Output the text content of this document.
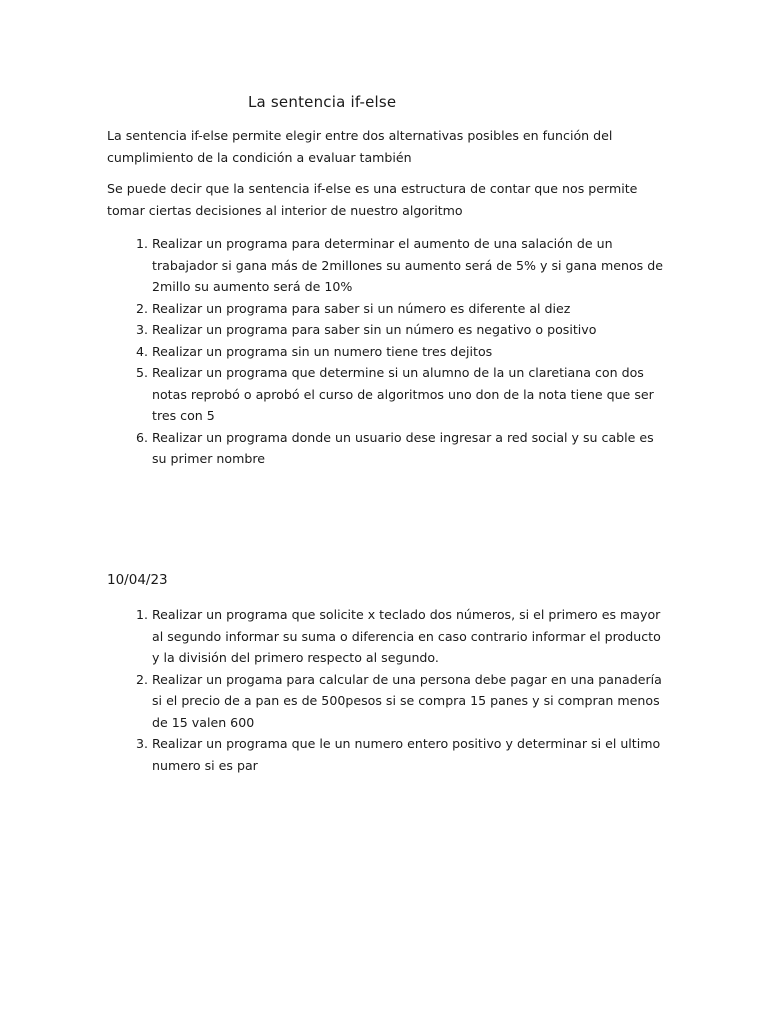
La sentencia if-else
La sentencia if-else permite elegir entre dos alternativas posibles en función del cumplimiento de la condición a evaluar también
Se puede decir que la sentencia if-else es una estructura de contar que nos permite tomar ciertas decisiones al interior de nuestro algoritmo
1. Realizar un programa para determinar el aumento de una salación de un trabajador si gana más de 2millones su aumento será de 5% y si gana menos de 2millo su aumento será de 10%
2. Realizar un programa para saber si un número es diferente al diez
3. Realizar un programa para saber sin un número es negativo o positivo
4. Realizar un programa sin un numero tiene tres dejitos
5. Realizar un programa que determine si un alumno de la un claretiana con dos notas reprobó o aprobó el curso de algoritmos uno don de la nota tiene que ser tres con 5
6. Realizar un programa donde un usuario dese ingresar a red social y su cable es su primer nombre
10/04/23
1. Realizar un programa que solicite x teclado dos números, si el primero es mayor al segundo informar su suma o diferencia en caso contrario informar el producto y la división del primero respecto al segundo.
2. Realizar un progama para calcular de una persona debe pagar en una panadería si el precio de a pan es de 500pesos si se compra 15 panes y si compran menos de 15 valen 600
3. Realizar un programa que le un numero entero positivo y determinar si el ultimo numero si es par
